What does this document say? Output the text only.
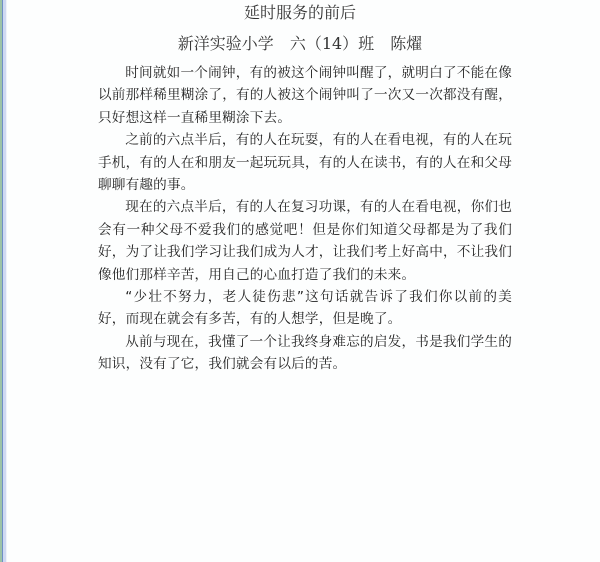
延时服务的前后
新洋实验小学 六（14）班 陈燿

时间就如一个闹钟，有的被这个闹钟叫醒了，就明白了不能在像以前那样稀里糊涂了，有的人被这个闹钟叫了一次又一次都没有醒，只好想这样一直稀里糊涂下去。

之前的六点半后，有的人在玩耍，有的人在看电视，有的人在玩手机，有的人在和朋友一起玩玩具，有的人在读书，有的人在和父母聊聊有趣的事。

现在的六点半后，有的人在复习功课，有的人在看电视，你们也会有一种父母不爱我们的感觉吧！但是你们知道父母都是为了我们好，为了让我们学习让我们成为人才，让我们考上好高中，不让我们像他们那样辛苦，用自己的心血打造了我们的未来。

“少壮不努力，老人徒伤悲”这句话就告诉了我们你以前的美好，而现在就会有多苦，有的人想学，但是晚了。

从前与现在，我懂了一个让我终身难忘的启发，书是我们学生的知识，没有了它，我们就会有以后的苦。
